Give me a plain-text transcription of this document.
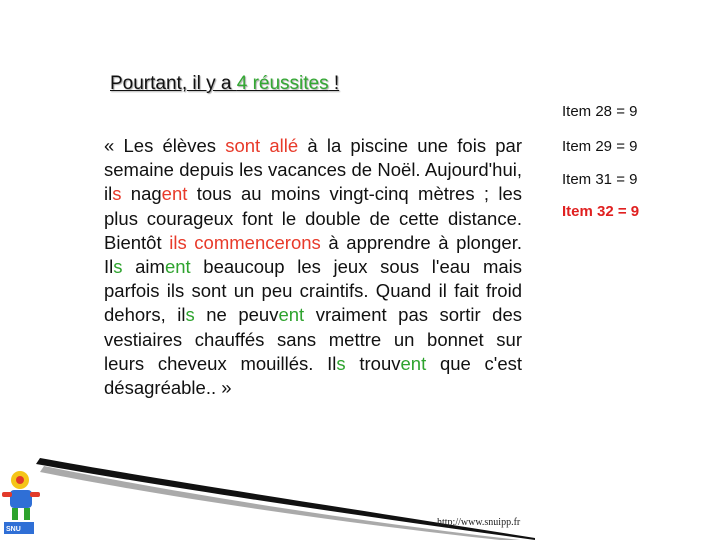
SNU
Pourtant, il y a 4 réussites !
Item 28 = 9
Item 29 = 9
Item 31 = 9
Item 32 = 9
« Les élèves sont allé à la piscine une fois par semaine depuis les vacances de Noël. Aujourd'hui, ils nagent tous au moins vingt-cinq mètres ; les plus courageux font le double de cette distance. Bientôt ils commencerons à apprendre à plonger. Ils aiment beaucoup les jeux sous l'eau mais parfois ils sont un peu craintifs. Quand il fait froid dehors, ils ne peuvent vraiment pas sortir des vestiaires chauffés sans mettre un bonnet sur leurs cheveux mouillés. Ils trouvent que c'est désagréable.. »
http://www.snuipp.fr
